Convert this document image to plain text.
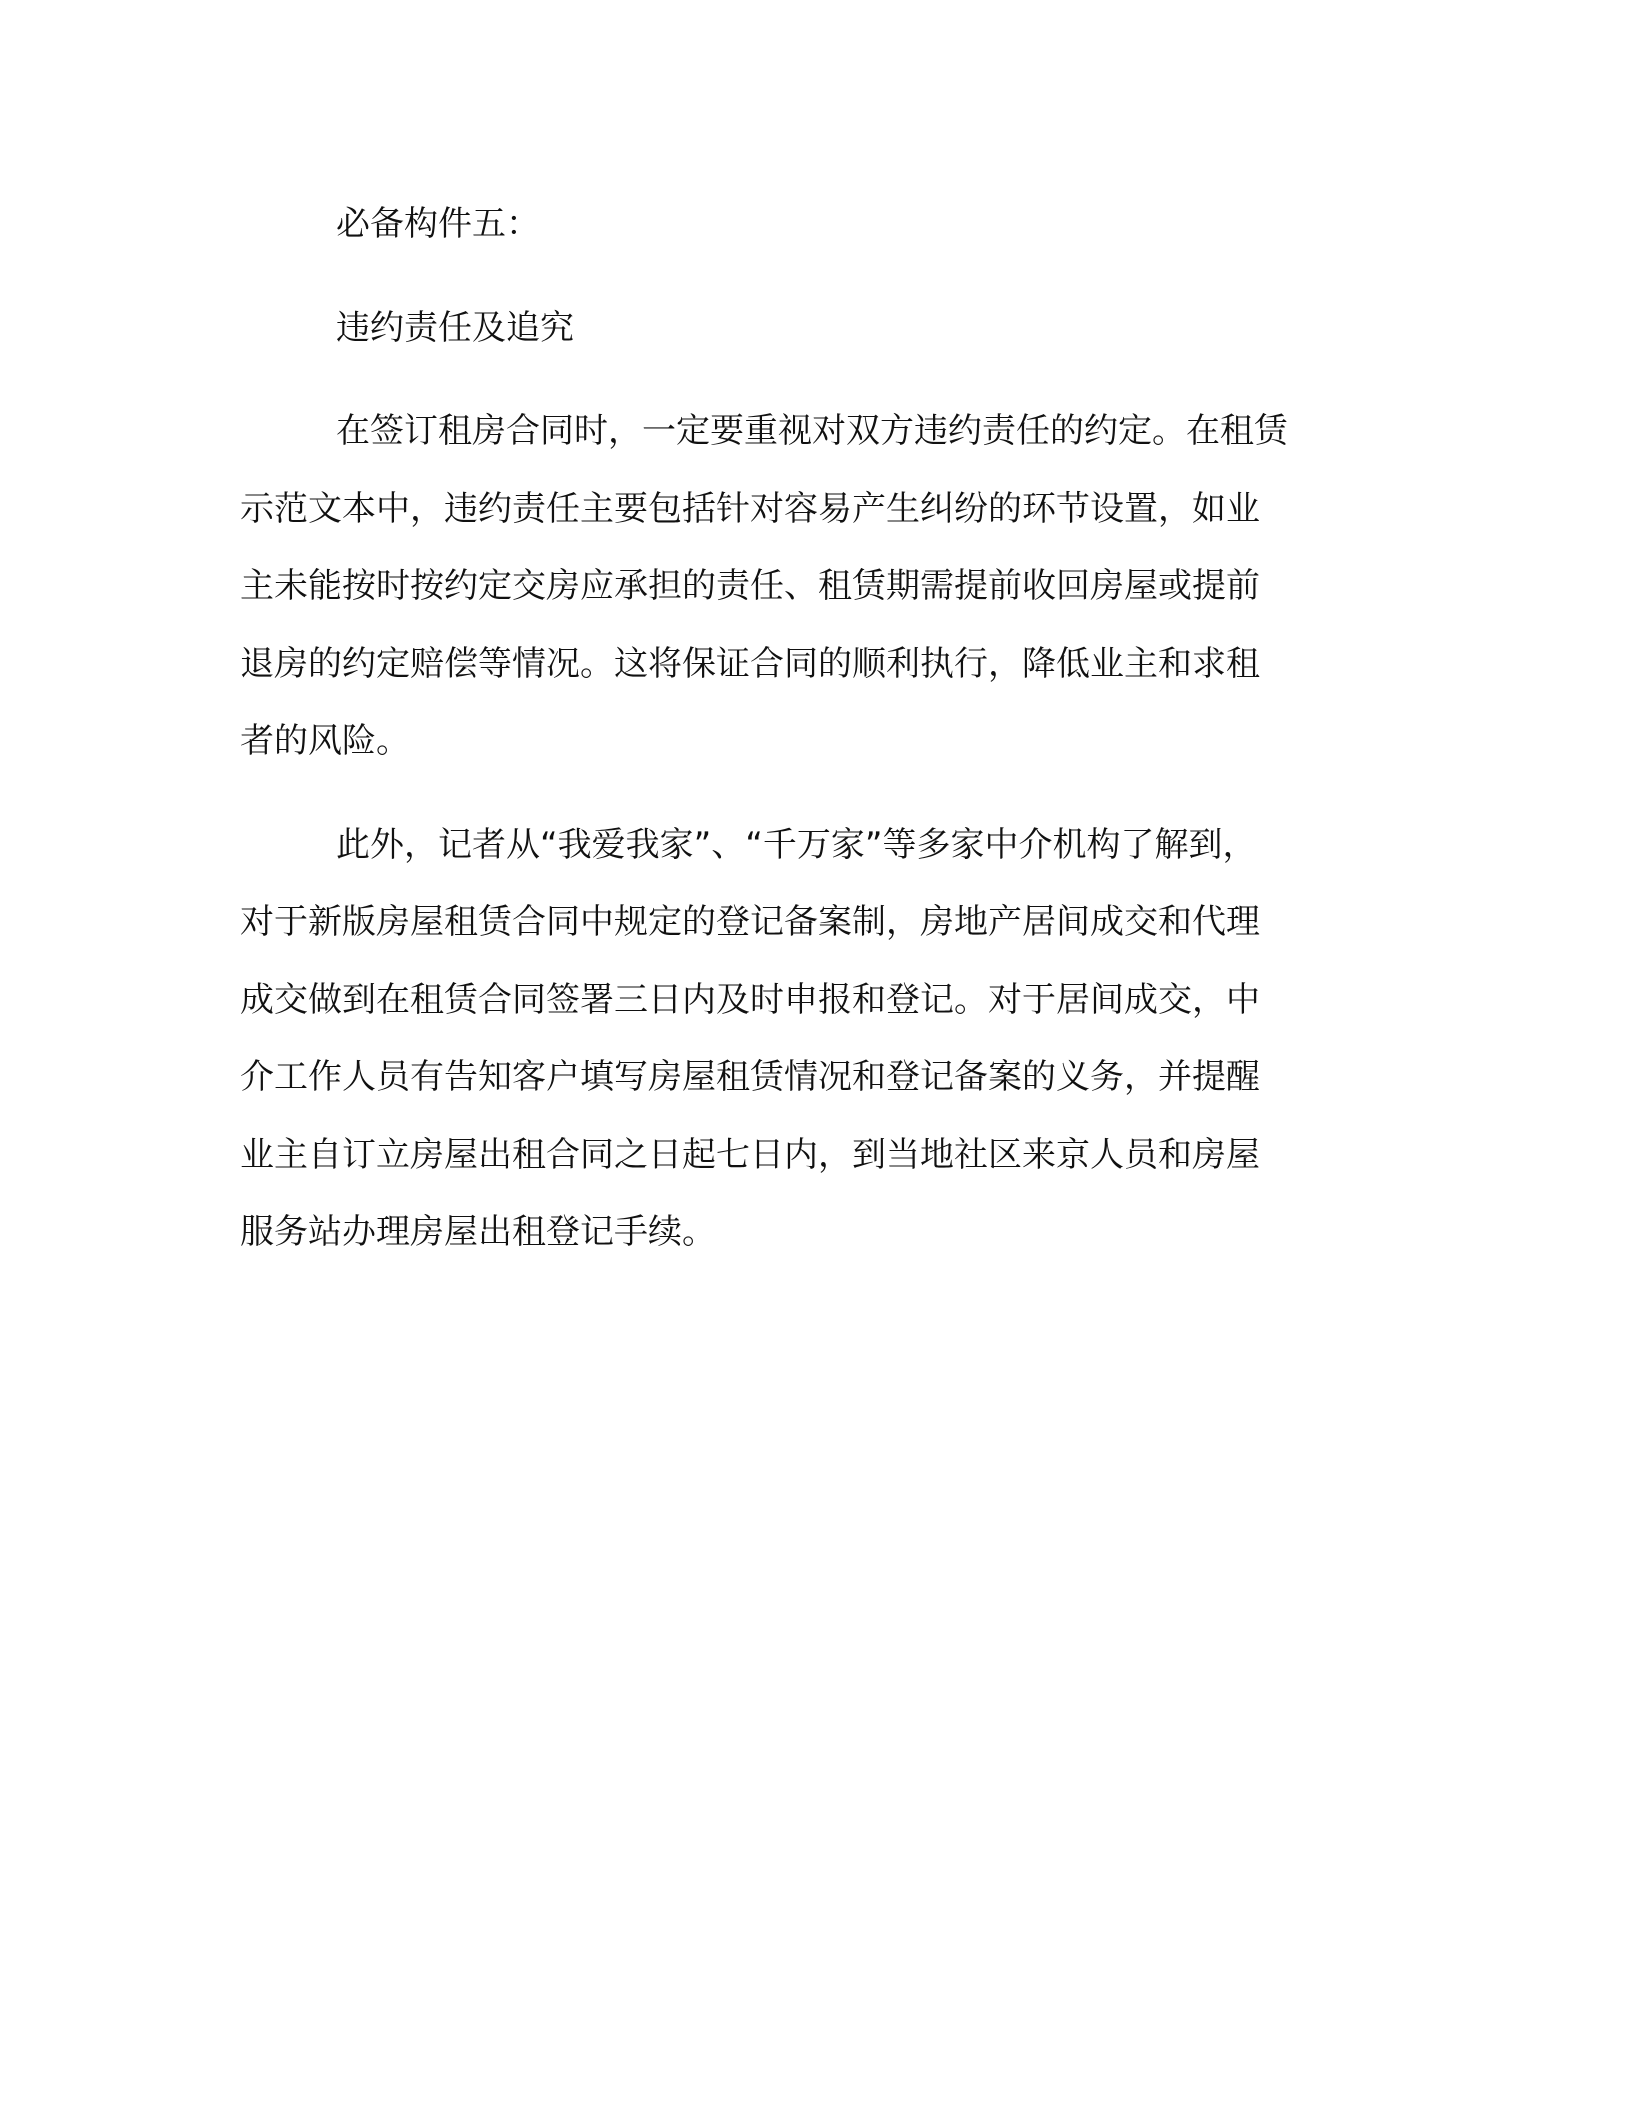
必备构件五：

违约责任及追究

在签订租房合同时，一定要重视对双方违约责任的约定。在租赁
示范文本中，违约责任主要包括针对容易产生纠纷的环节设置，如业
主未能按时按约定交房应承担的责任、租赁期需提前收回房屋或提前
退房的约定赔偿等情况。这将保证合同的顺利执行，降低业主和求租
者的风险。
此外，记者从“我爱我家”、“千万家”等多家中介机构了解到，
对于新版房屋租赁合同中规定的登记备案制，房地产居间成交和代理
成交做到在租赁合同签署三日内及时申报和登记。对于居间成交，中
介工作人员有告知客户填写房屋租赁情况和登记备案的义务，并提醒
业主自订立房屋出租合同之日起七日内，到当地社区来京人员和房屋
服务站办理房屋出租登记手续。
